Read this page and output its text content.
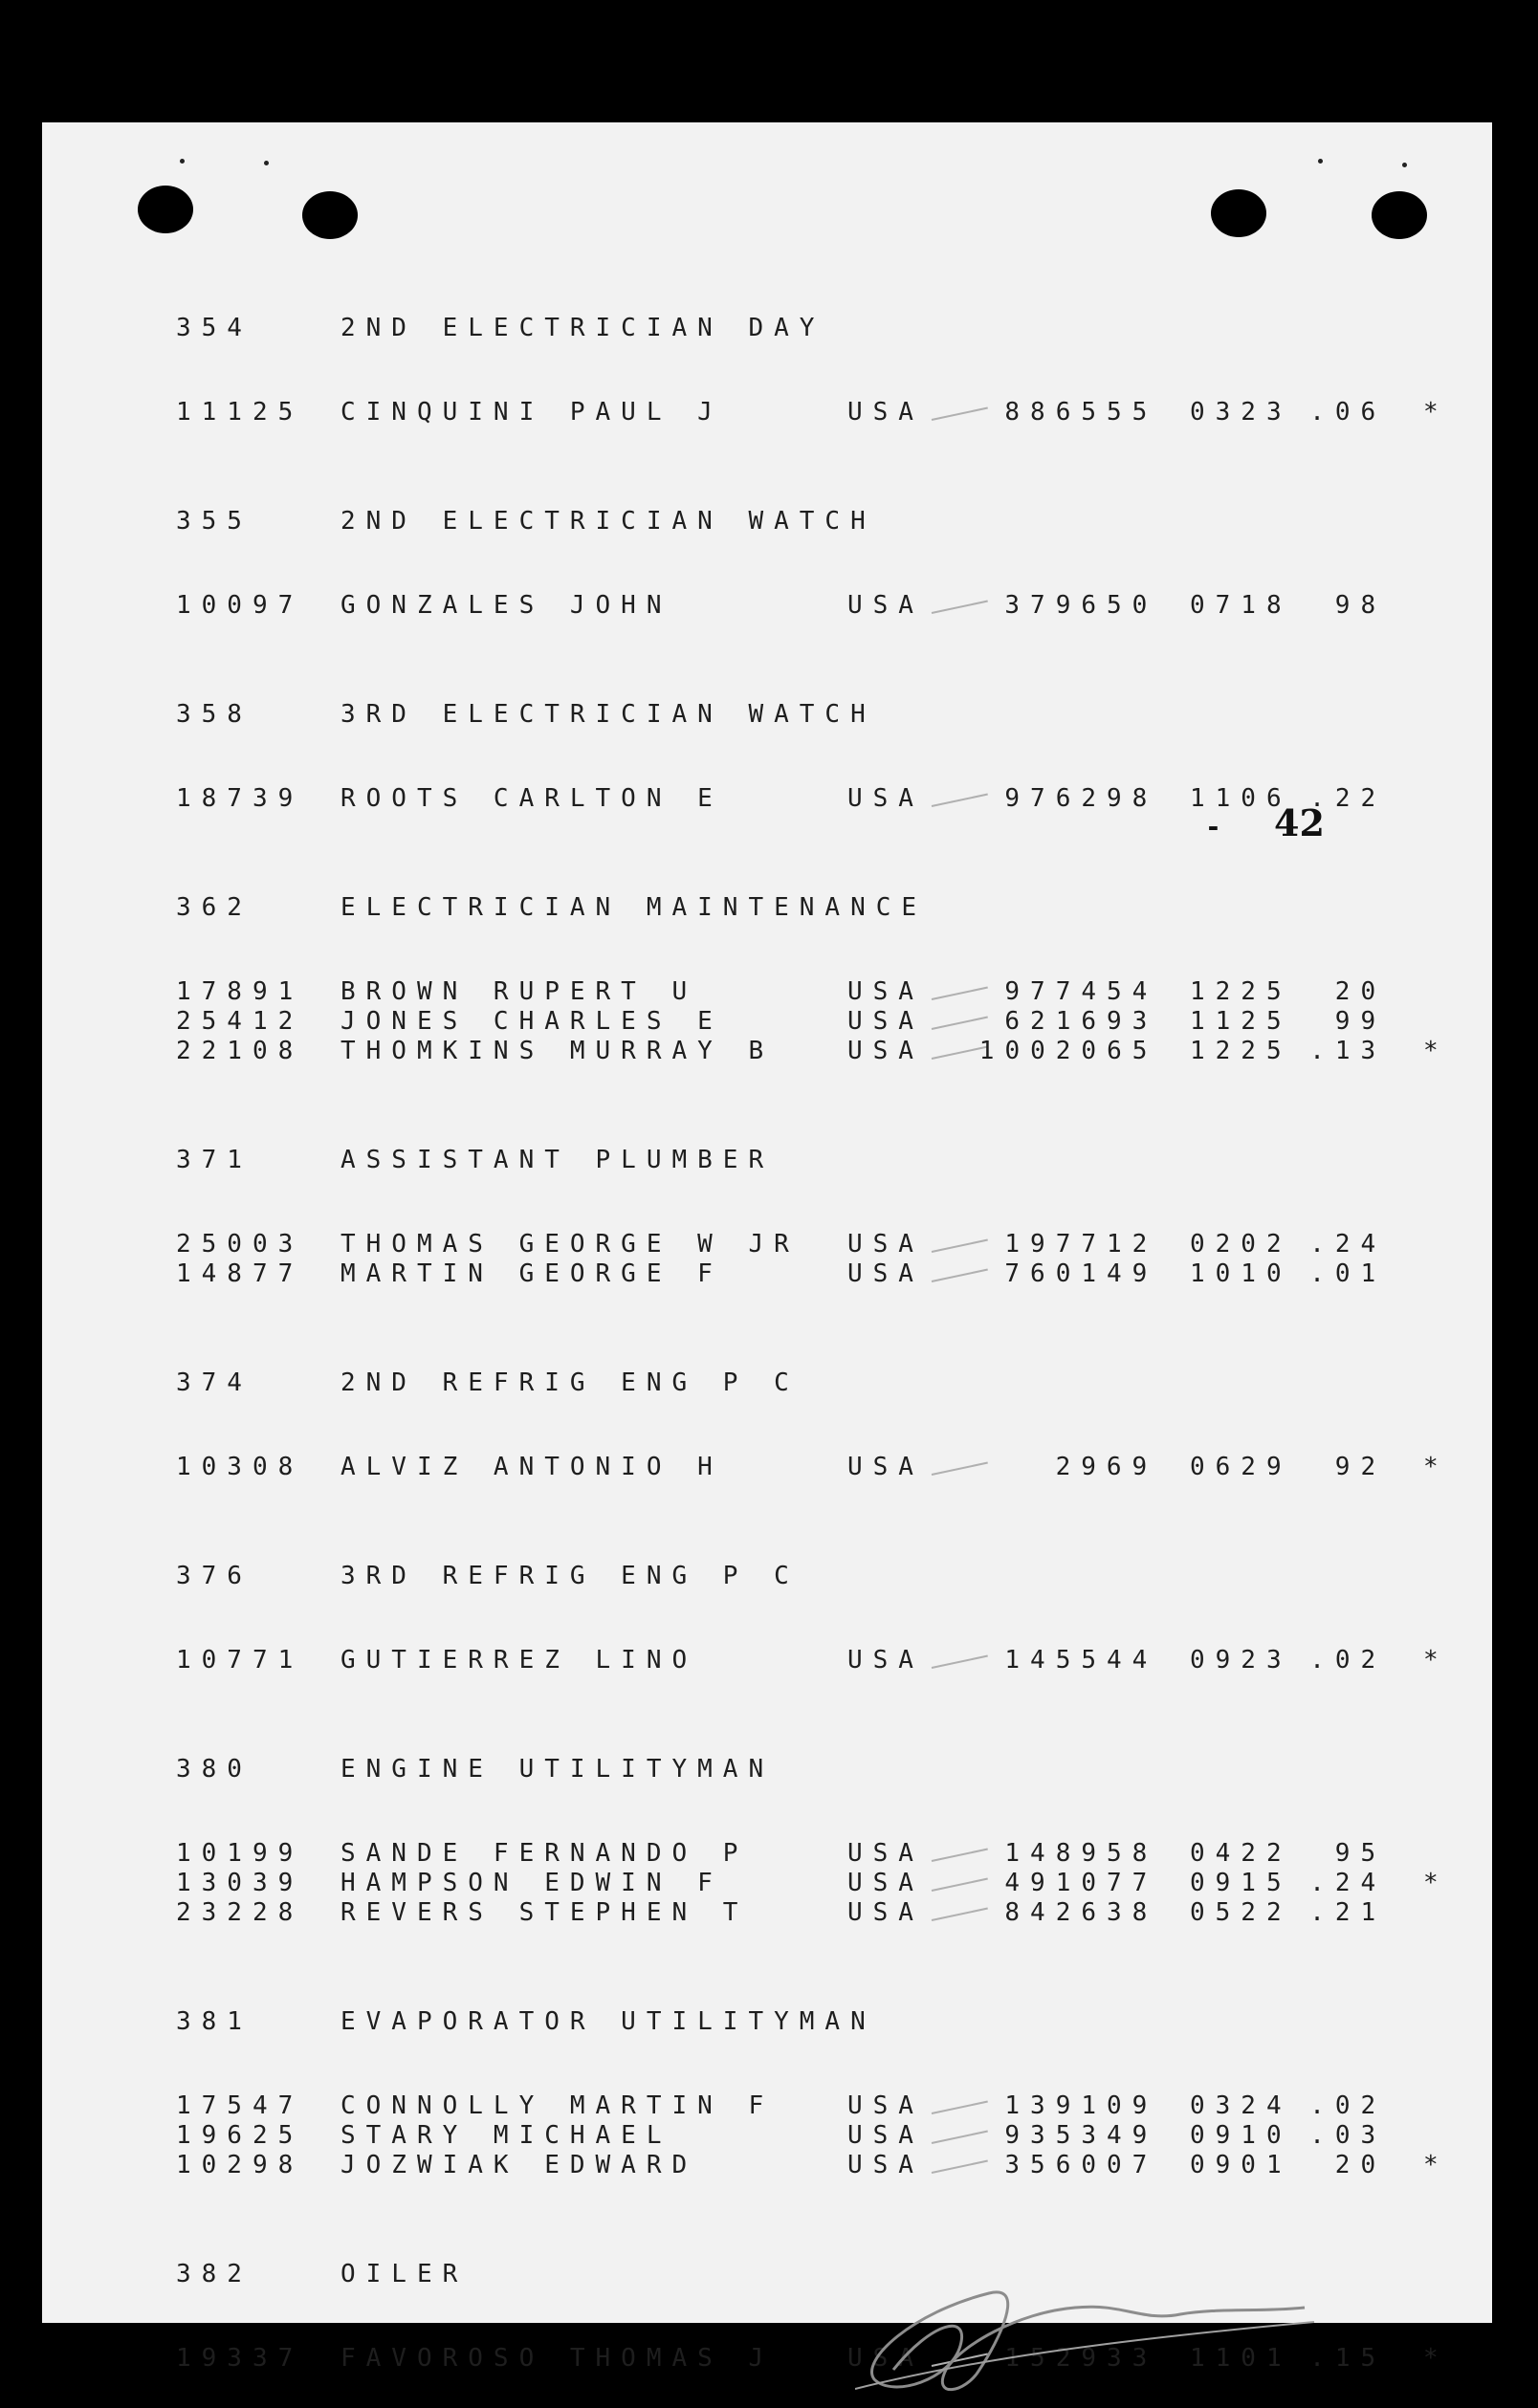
- 42
354	2ND ELECTRICIAN DAY
11125 CINQUINI PAUL J	USA	886555 0323 .06 *
355	2ND ELECTRICIAN WATCH
10097 GONZALES JOHN	USA	379650 0718 98
358	3RD ELECTRICIAN WATCH
18739 ROOTS CARLTON E	USA	976298 1106 .22
362	ELECTRICIAN MAINTENANCE
17891 BROWN RUPERT U	USA	977454 1225 20
25412 JONES CHARLES E	USA	621693 1125 99
22108 THOMKINS MURRAY B	USA 1002065 1225 .13 *
371	ASSISTANT PLUMBER
25003 THOMAS GEORGE W JR USA	197712 0202 .24
14877 MARTIN GEORGE F	USA	760149 1010 .01
374	2ND REFRIG ENG P C
10308 ALVIZ ANTONIO H	USA	2969 0629 92 *
376	3RD REFRIG ENG P C
10771 GUTIERREZ LINO	USA	145544 0923 .02 *
380	ENGINE UTILITYMAN
10199 SANDE FERNANDO P	USA	148958 0422 95
13039 HAMPSON EDWIN F	USA	491077 0915 .24 *
23228 REVERS STEPHEN T	USA	842638 0522 .21
381	EVAPORATOR UTILITYMAN
17547 CONNOLLY MARTIN F	USA	139109 0324 .02
19625 STARY MICHAEL	USA	935349 0910 .03
10298 JOZWIAK EDWARD	USA	356007 0901 20 *
382	OILER
19337 FAVOROSO THOMAS J	USA	152933 1101 .15 *
